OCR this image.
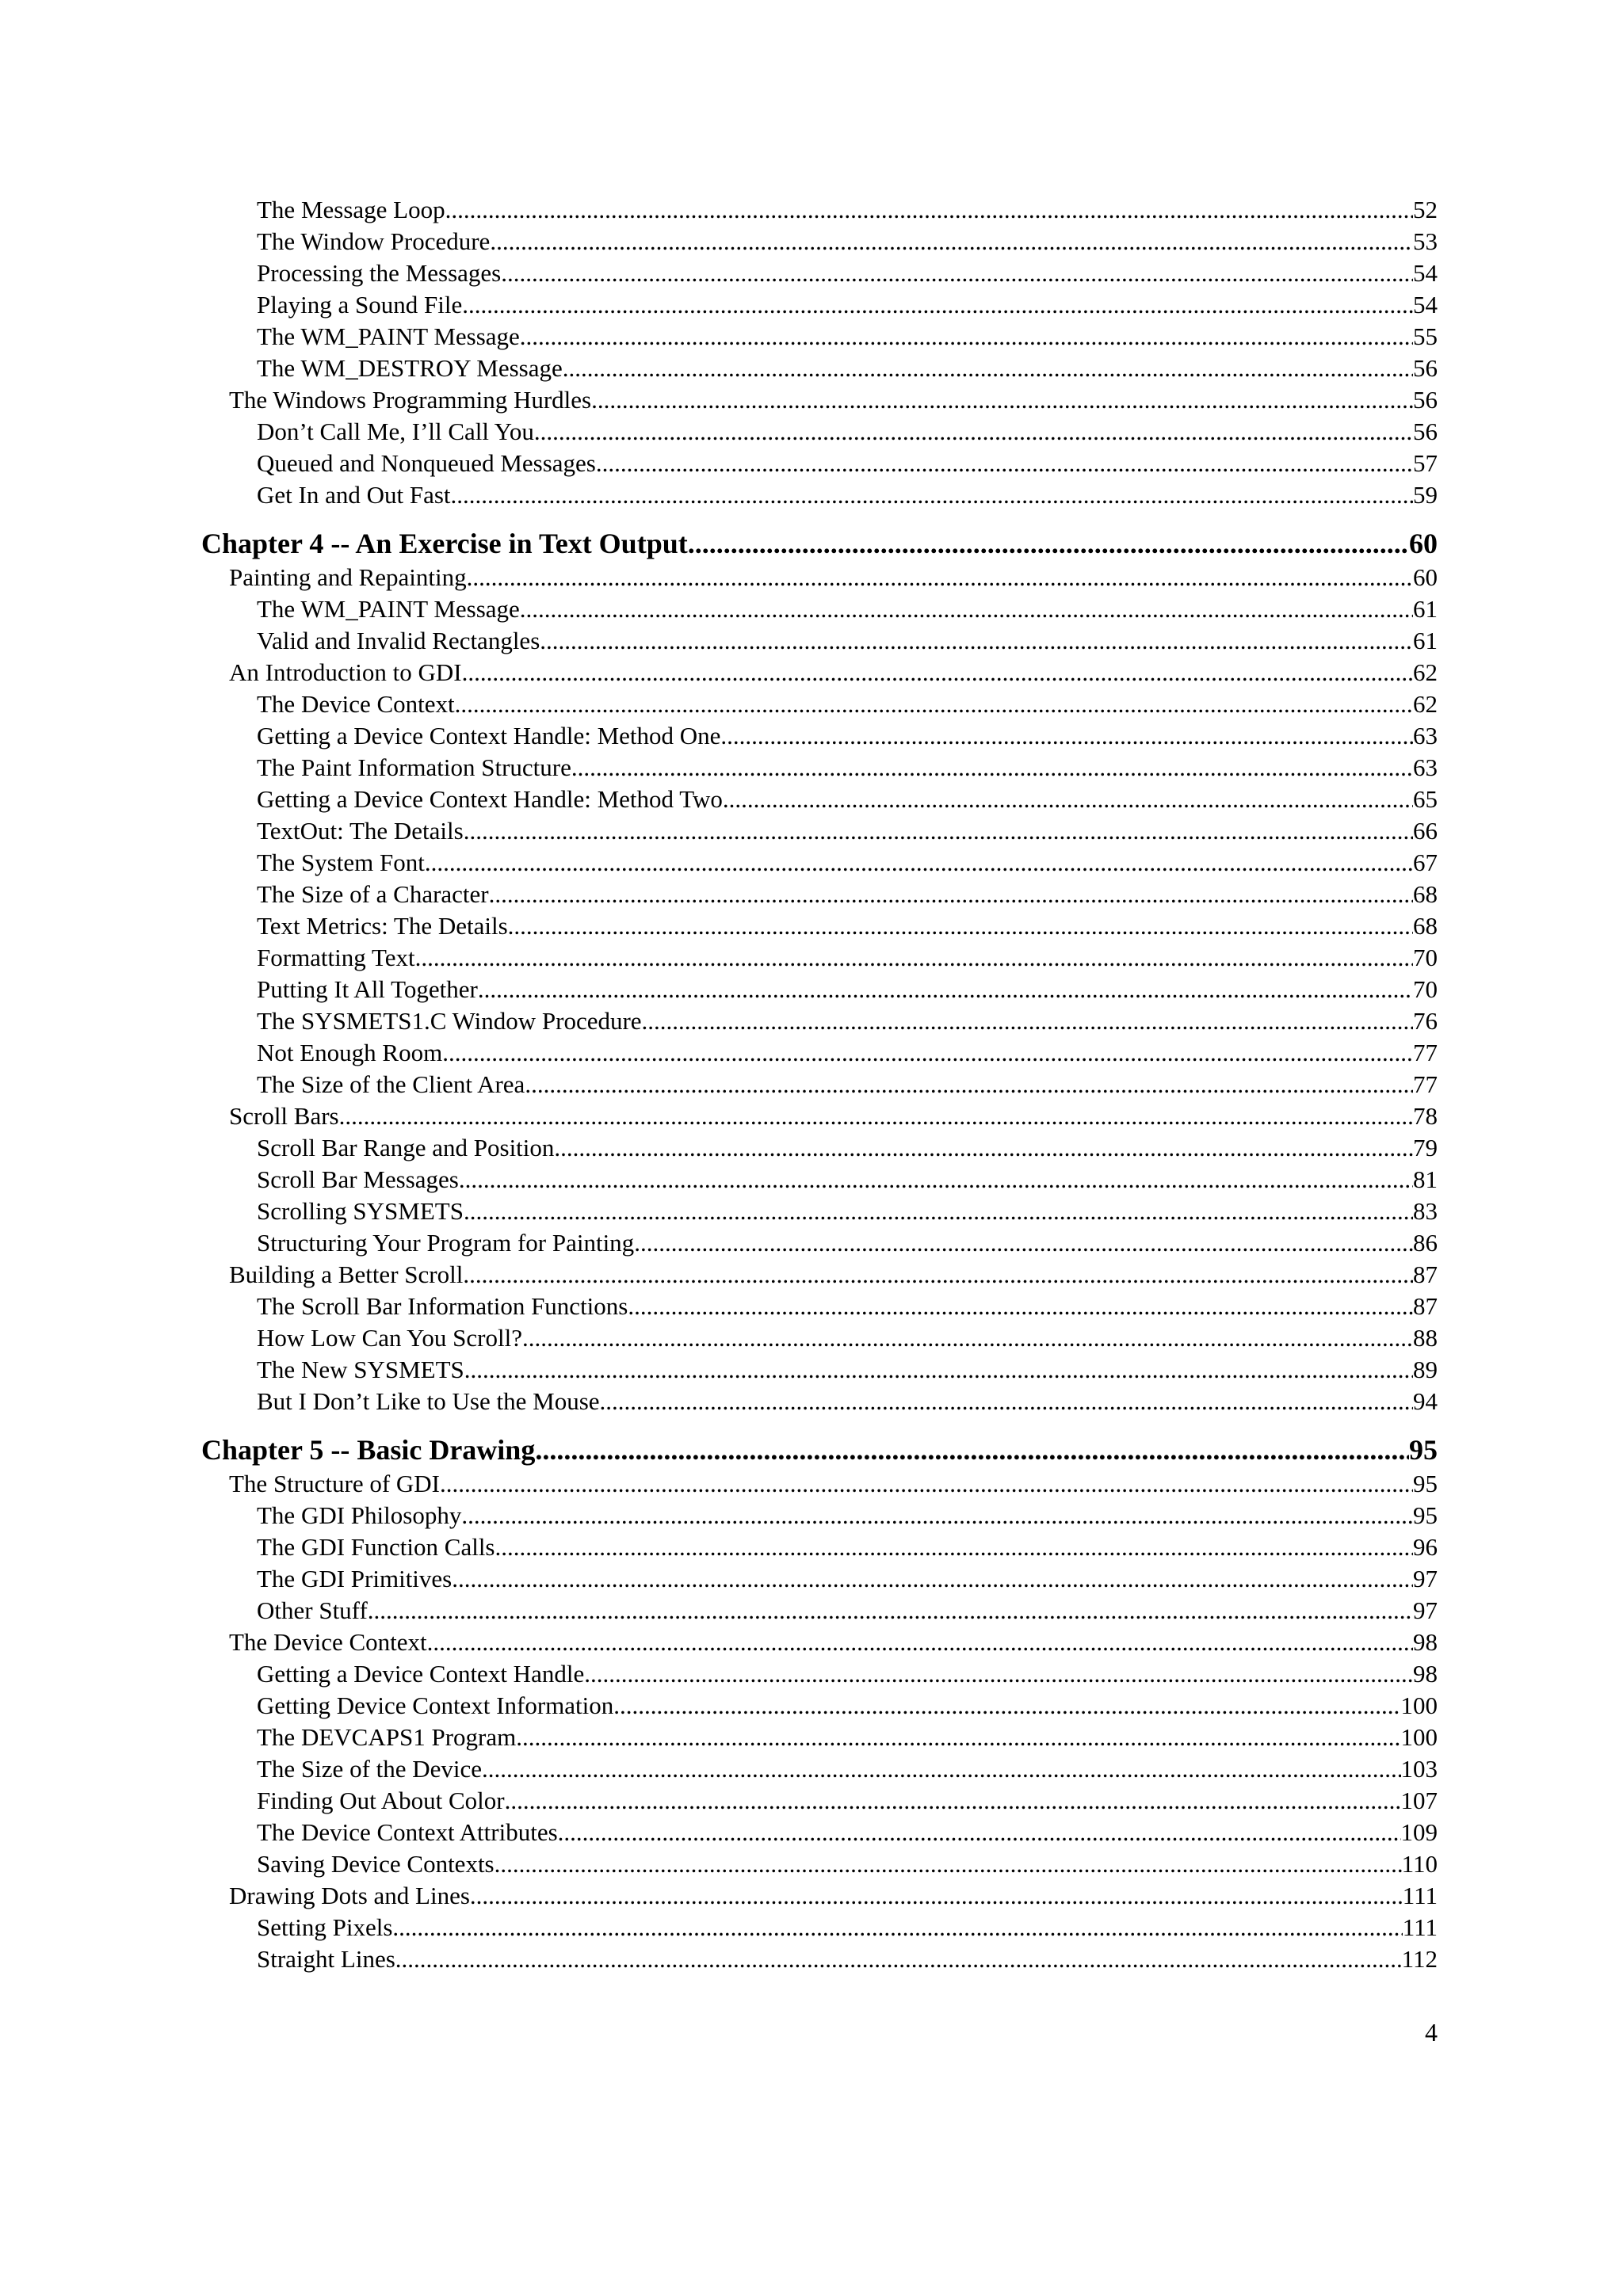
The Message Loop .....	52
The Window Procedure .....	53
Processing the Messages .....	54
Playing a Sound File .....	54
The WM_PAINT Message .....	55
The WM_DESTROY Message .....	56
The Windows Programming Hurdles .....	56
Don’t Call Me, I’ll Call You .....	56
Queued and Nonqueued Messages .....	57
Get In and Out Fast .....	59
Chapter 4 -- An Exercise in Text Output .....	60
Painting and Repainting .....	60
The WM_PAINT Message .....	61
Valid and Invalid Rectangles .....	61
An Introduction to GDI .....	62
The Device Context .....	62
Getting a Device Context Handle: Method One .....	63
The Paint Information Structure .....	63
Getting a Device Context Handle: Method Two .....	65
TextOut: The Details .....	66
The System Font .....	67
The Size of a Character .....	68
Text Metrics: The Details .....	68
Formatting Text .....	70
Putting It All Together .....	70
The SYSMETS1.C Window Procedure .....	76
Not Enough Room .....	77
The Size of the Client Area .....	77
Scroll Bars .....	78
Scroll Bar Range and Position .....	79
Scroll Bar Messages .....	81
Scrolling SYSMETS .....	83
Structuring Your Program for Painting .....	86
Building a Better Scroll .....	87
The Scroll Bar Information Functions .....	87
How Low Can You Scroll? .....	88
The New SYSMETS .....	89
But I Don’t Like to Use the Mouse .....	94
Chapter 5 -- Basic Drawing .....	95
The Structure of GDI .....	95
The GDI Philosophy .....	95
The GDI Function Calls .....	96
The GDI Primitives .....	97
Other Stuff .....	97
The Device Context .....	98
Getting a Device Context Handle .....	98
Getting Device Context Information .....	100
The DEVCAPS1 Program .....	100
The Size of the Device .....	103
Finding Out About Color .....	107
The Device Context Attributes .....	109
Saving Device Contexts .....	110
Drawing Dots and Lines .....	111
Setting Pixels .....	111
Straight Lines .....	112
4
